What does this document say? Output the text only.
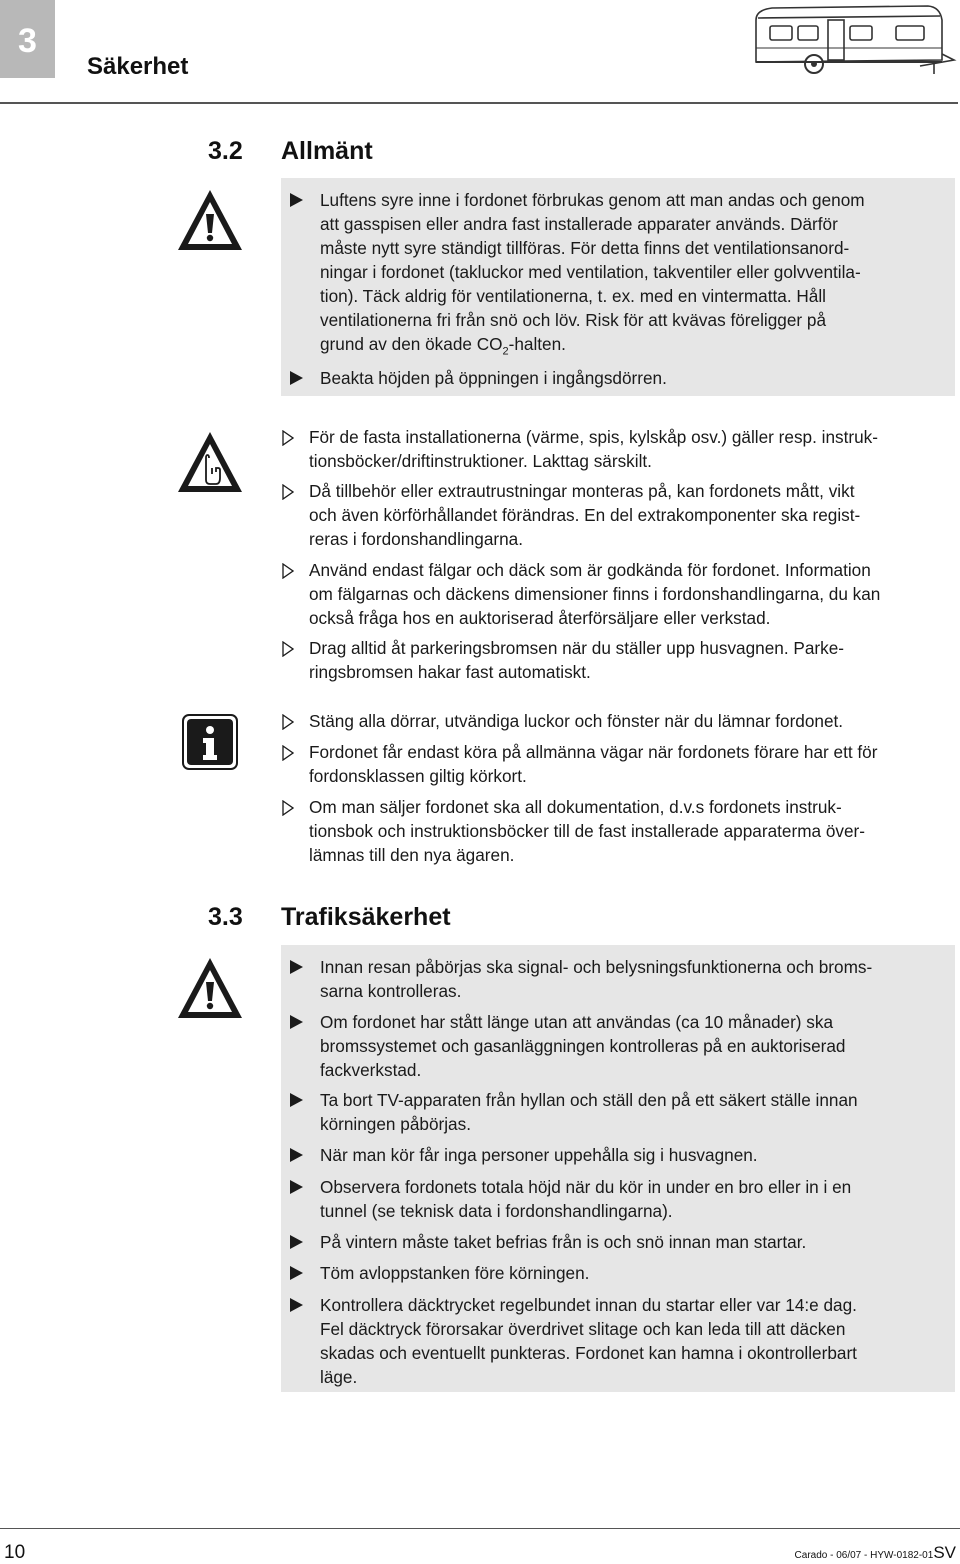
3
Säkerhet
3.2 Allmänt
Luftens syre inne i fordonet förbrukas genom att man andas och genom
att gasspisen eller andra fast installerade apparater används. Därför
måste nytt syre ständigt tillföras. För detta finns det ventilationsanord-
ningar i fordonet (takluckor med ventilation, takventiler eller golvventila-
tion). Täck aldrig för ventilationerna, t. ex. med en vintermatta. Håll
ventilationerna fri från snö och löv. Risk för att kvävas föreligger på
grund av den ökade $CO_2$-halten.
Beakta höjden på öppningen i ingångsdörren.
För de fasta installationerna (värme, spis, kylskåp osv.) gäller resp. instruk-
tionsböcker/driftinstruktioner. Lakttag särskilt.
Då tillbehör eller extrautrustningar monteras på, kan fordonets mått, vikt
och även körförhållandet förändras. En del extrakomponenter ska regist-
reras i fordonshandlingarna.
Använd endast fälgar och däck som är godkända för fordonet. Information
om fälgarnas och däckens dimensioner finns i fordonshandlingarna, du kan
också fråga hos en auktoriserad återförsäljare eller verkstad.
Drag alltid åt parkeringsbromsen när du ställer upp husvagnen. Parke-
ringsbromsen hakar fast automatiskt.
Stäng alla dörrar, utvändiga luckor och fönster när du lämnar fordonet.
Fordonet får endast köra på allmänna vägar när fordonets förare har ett för
fordonsklassen giltig körkort.
Om man säljer fordonet ska all dokumentation, d.v.s fordonets instruk-
tionsbok och instruktionsböcker till de fast installerade apparaterma över-
lämnas till den nya ägaren.
3.3 Trafiksäkerhet
Innan resan påbörjas ska signal- och belysningsfunktionerna och broms-
sarna kontrolleras.
Om fordonet har stått länge utan att användas (ca 10 månader) ska
bromssystemet och gasanläggningen kontrolleras på en auktoriserad
fackverkstad.
Ta bort TV-apparaten från hyllan och ställ den på ett säkert ställe innan
körningen påbörjas.
När man kör får inga personer uppehålla sig i husvagnen.
Observera fordonets totala höjd när du kör in under en bro eller in i en
tunnel (se teknisk data i fordonshandlingarna).
På vintern måste taket befrias från is och snö innan man startar.
Töm avloppstanken före körningen.
Kontrollera däcktrycket regelbundet innan du startar eller var 14:e dag.
Fel däcktryck förorsakar överdrivet slitage och kan leda till att däcken
skadas och eventuellt punkteras. Fordonet kan hamna i okontrollerbart
läge.
10	Carado - 06/07 - HYW-0182-01SV
